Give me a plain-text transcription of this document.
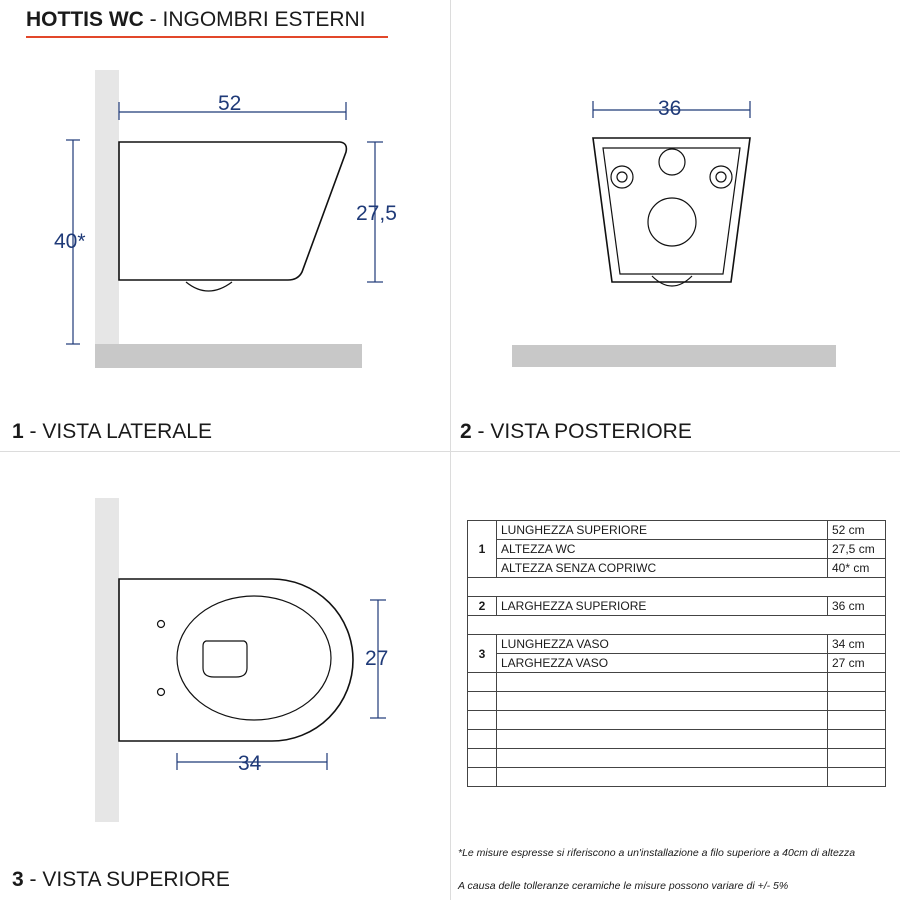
HOTTIS WC - INGOMBRI ESTERNI
52
27,5
40*
1 - VISTA LATERALE
36
2 - VISTA POSTERIORE
27
34
3 - VISTA SUPERIORE
1	LUNGHEZZA SUPERIORE	52 cm
	ALTEZZA WC	27,5 cm
	ALTEZZA SENZA COPRIWC	40* cm

2	LARGHEZZA SUPERIORE	36 cm

3	LUNGHEZZA VASO	34 cm
	LARGHEZZA VASO	27 cm

*Le misure espresse si riferiscono a un'installazione a filo superiore a 40cm di altezza
A causa delle tolleranze ceramiche le misure possono variare di +/- 5%
